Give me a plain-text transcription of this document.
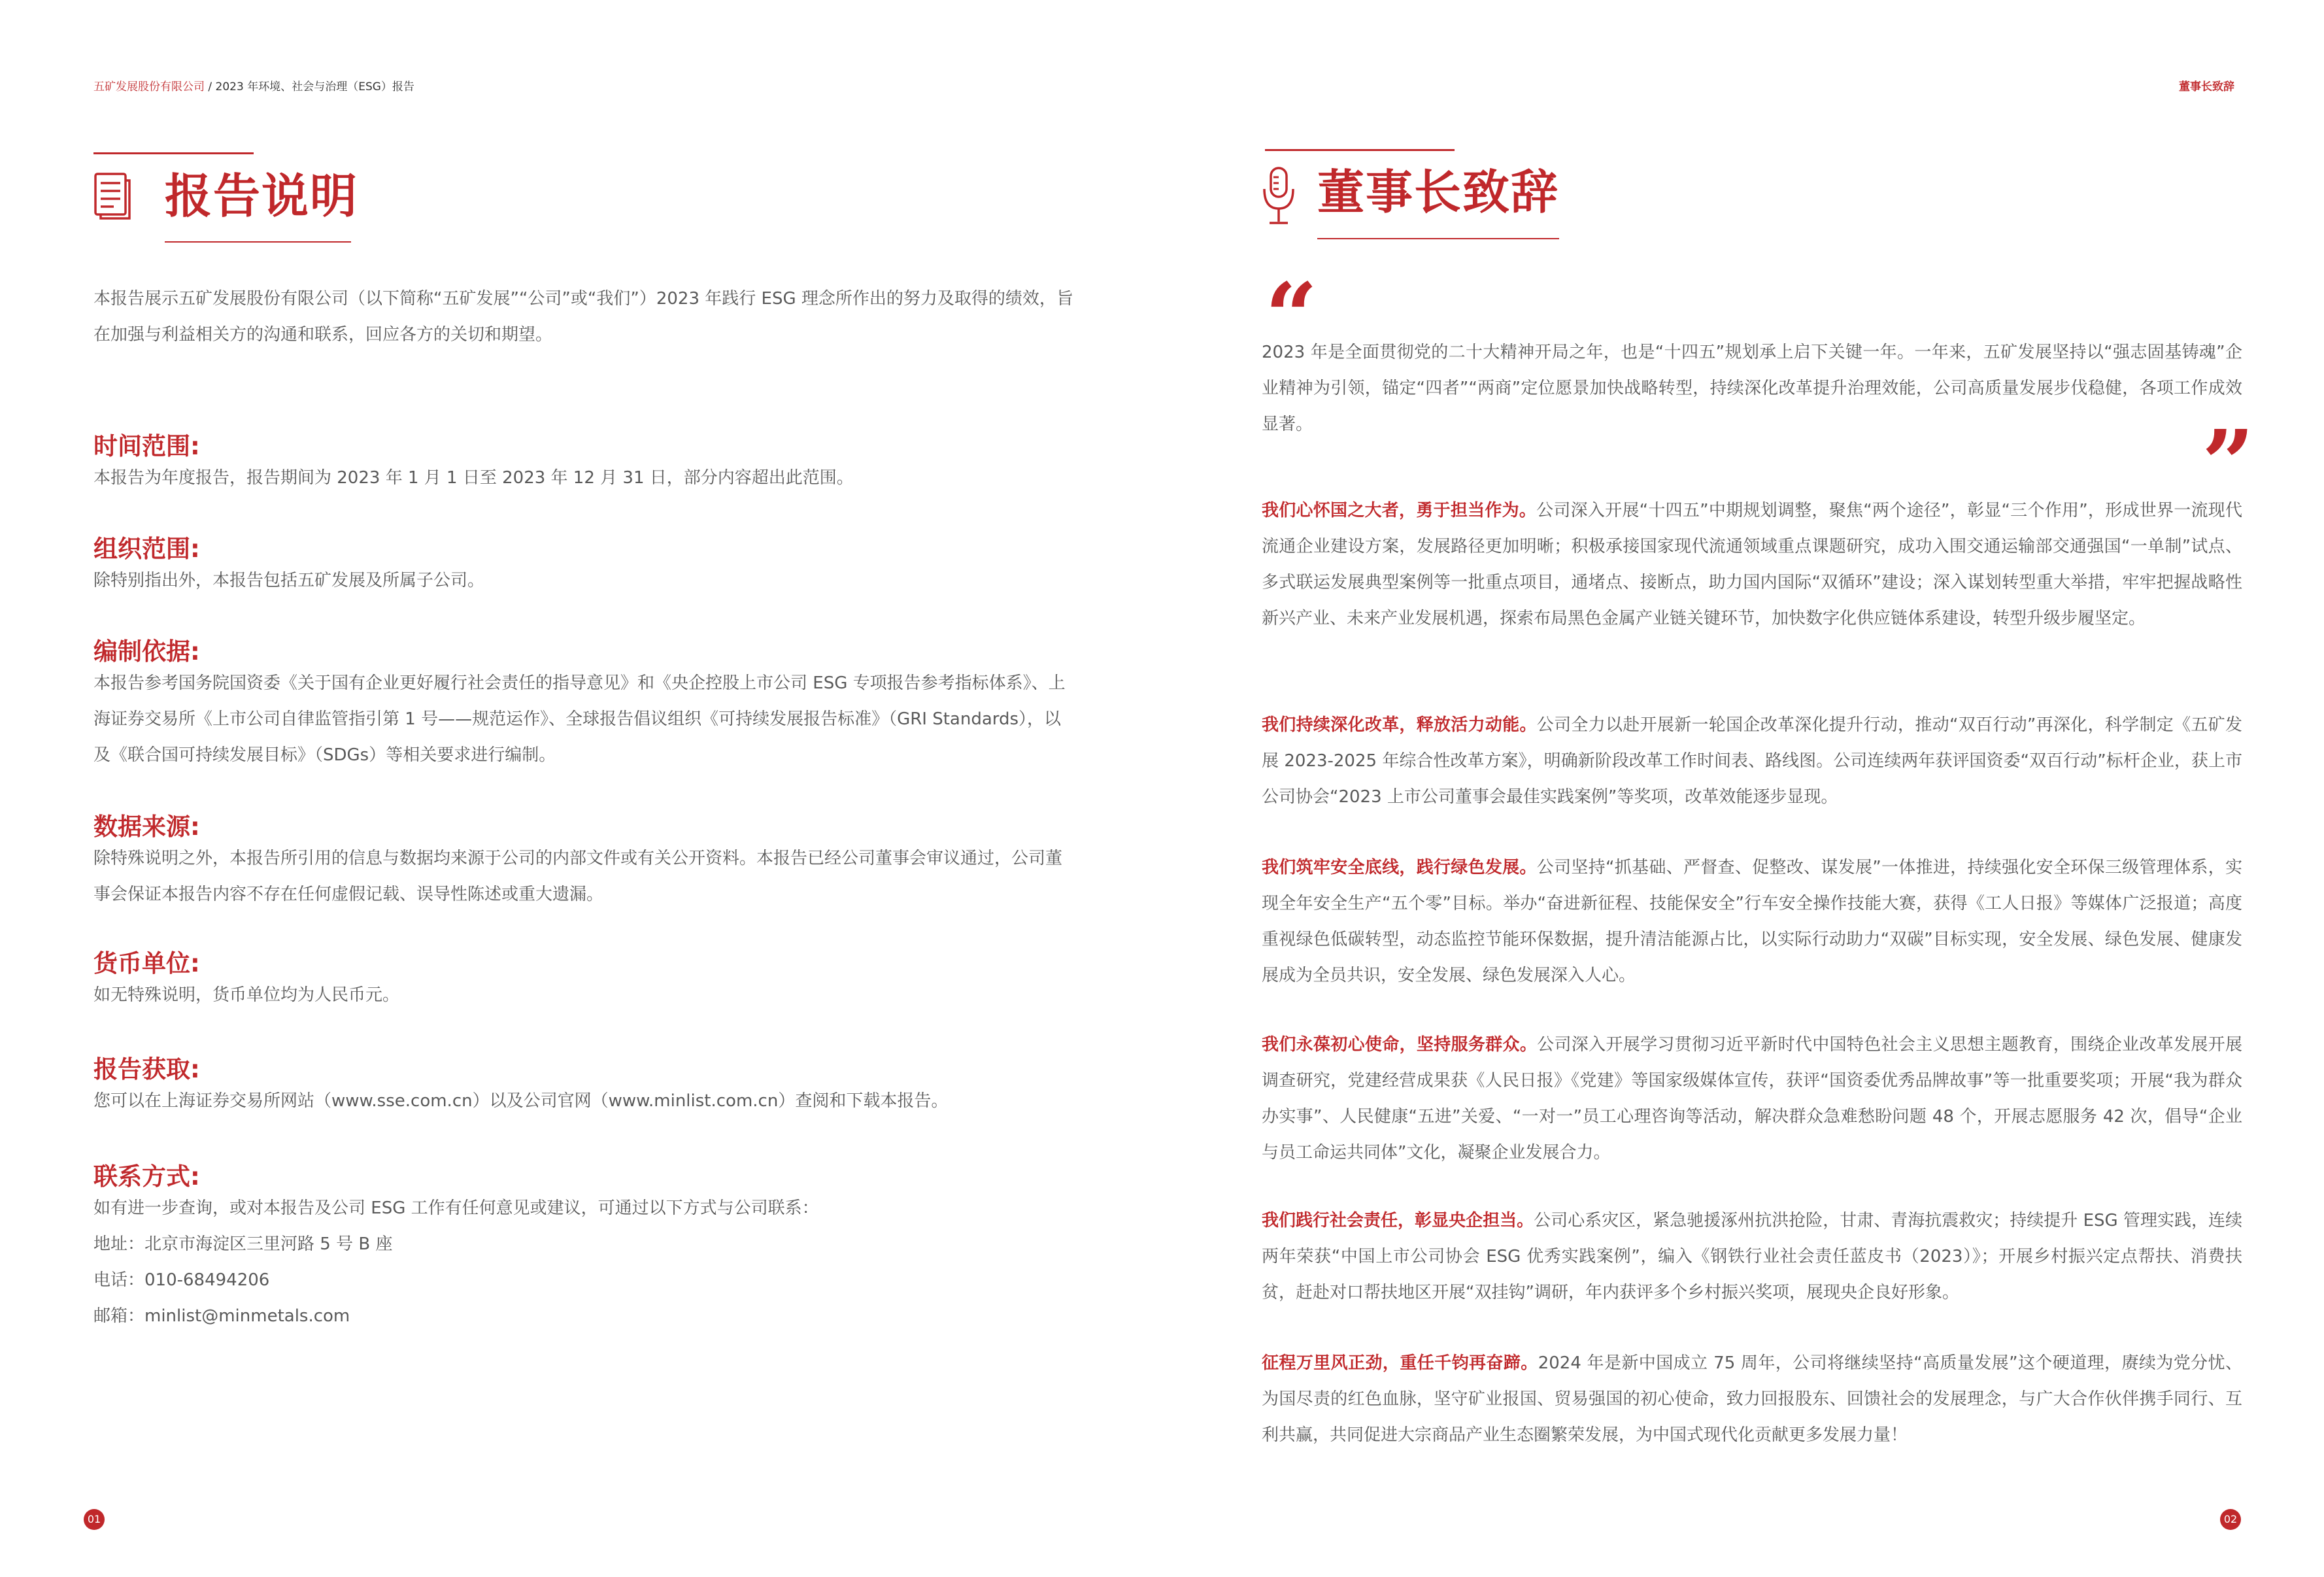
五矿发展股份有限公司 / 2023 年环境、社会与治理（ESG）报告	董事长致辞
报告说明

本报告展示五矿发展股份有限公司（以下简称“五矿发展”“公司”或“我们”）2023 年践行 ESG 理念所作出的努力及取得的绩效，旨在加强与利益相关方的沟通和联系，回应各方的关切和期望。

时间范围:

本报告为年度报告，报告期间为 2023 年 1 月 1 日至 2023 年 12 月 31 日，部分内容超出此范围。

组织范围:

除特别指出外，本报告包括五矿发展及所属子公司。

编制依据:

本报告参考国务院国资委《关于国有企业更好履行社会责任的指导意见》和《央企控股上市公司 ESG 专项报告参考指标体系》、上海证券交易所《上市公司自律监管指引第 1 号——规范运作》、全球报告倡议组织《可持续发展报告标准》（GRI Standards），以及《联合国可持续发展目标》（SDGs）等相关要求进行编制。

数据来源:

除特殊说明之外，本报告所引用的信息与数据均来源于公司的内部文件或有关公开资料。本报告已经公司董事会审议通过，公司董事会保证本报告内容不存在任何虚假记载、误导性陈述或重大遗漏。

货币单位:

如无特殊说明，货币单位均为人民币元。

报告获取:

您可以在上海证券交易所网站（www.sse.com.cn）以及公司官网（www.minlist.com.cn）查阅和下载本报告。

联系方式:

如有进一步查询，或对本报告及公司 ESG 工作有任何意见或建议，可通过以下方式与公司联系：

地址：北京市海淀区三里河路 5 号 B 座

电话：010-68494206

邮箱：minlist@minmetals.com

01
董事长致辞
“

2023 年是全面贯彻党的二十大精神开局之年，也是“十四五”规划承上启下关键一年。一年来，五矿发展坚持以“强志固基铸魂”企业精神为引领，锚定“四者”“两商”定位愿景加快战略转型，持续深化改革提升治理效能，公司高质量发展步伐稳健，各项工作成效显著。	”

我们心怀国之大者，勇于担当作为。公司深入开展“十四五”中期规划调整，聚焦“两个途径”，彰显“三个作用”，形成世界一流现代流通企业建设方案，发展路径更加明晰；积极承接国家现代流通领域重点课题研究，成功入围交通运输部交通强国“一单制”试点、多式联运发展典型案例等一批重点项目，通堵点、接断点，助力国内国际“双循环”建设；深入谋划转型重大举措，牢牢把握战略性新兴产业、未来产业发展机遇，探索布局黑色金属产业链关键环节，加快数字化供应链体系建设，转型升级步履坚定。

我们持续深化改革，释放活力动能。公司全力以赴开展新一轮国企改革深化提升行动，推动“双百行动”再深化，科学制定《五矿发展 2023-2025 年综合性改革方案》，明确新阶段改革工作时间表、路线图。公司连续两年获评国资委“双百行动”标杆企业，获上市公司协会“2023 上市公司董事会最佳实践案例”等奖项，改革效能逐步显现。

我们筑牢安全底线，践行绿色发展。公司坚持“抓基础、严督查、促整改、谋发展”一体推进，持续强化安全环保三级管理体系，实现全年安全生产“五个零”目标。举办“奋进新征程、技能保安全”行车安全操作技能大赛，获得《工人日报》等媒体广泛报道；高度重视绿色低碳转型，动态监控节能环保数据，提升清洁能源占比，以实际行动助力“双碳”目标实现，安全发展、绿色发展、健康发展成为全员共识，安全发展、绿色发展深入人心。

我们永葆初心使命，坚持服务群众。公司深入开展学习贯彻习近平新时代中国特色社会主义思想主题教育，围绕企业改革发展开展调查研究，党建经营成果获《人民日报》《党建》等国家级媒体宣传，获评“国资委优秀品牌故事”等一批重要奖项；开展“我为群众办实事”、人民健康“五进”关爱、“一对一”员工心理咨询等活动，解决群众急难愁盼问题 48 个，开展志愿服务 42 次，倡导“企业与员工命运共同体”文化，凝聚企业发展合力。

我们践行社会责任，彰显央企担当。公司心系灾区，紧急驰援涿州抗洪抢险，甘肃、青海抗震救灾；持续提升 ESG 管理实践，连续两年荣获“中国上市公司协会 ESG 优秀实践案例”，编入《钢铁行业社会责任蓝皮书（2023）》；开展乡村振兴定点帮扶、消费扶贫，赶赴对口帮扶地区开展“双挂钩”调研，年内获评多个乡村振兴奖项，展现央企良好形象。

征程万里风正劲，重任千钧再奋蹄。2024 年是新中国成立 75 周年，公司将继续坚持“高质量发展”这个硬道理，赓续为党分忧、为国尽责的红色血脉，坚守矿业报国、贸易强国的初心使命，致力回报股东、回馈社会的发展理念，与广大合作伙伴携手同行、互利共赢，共同促进大宗商品产业生态圈繁荣发展，为中国式现代化贡献更多发展力量！

02
